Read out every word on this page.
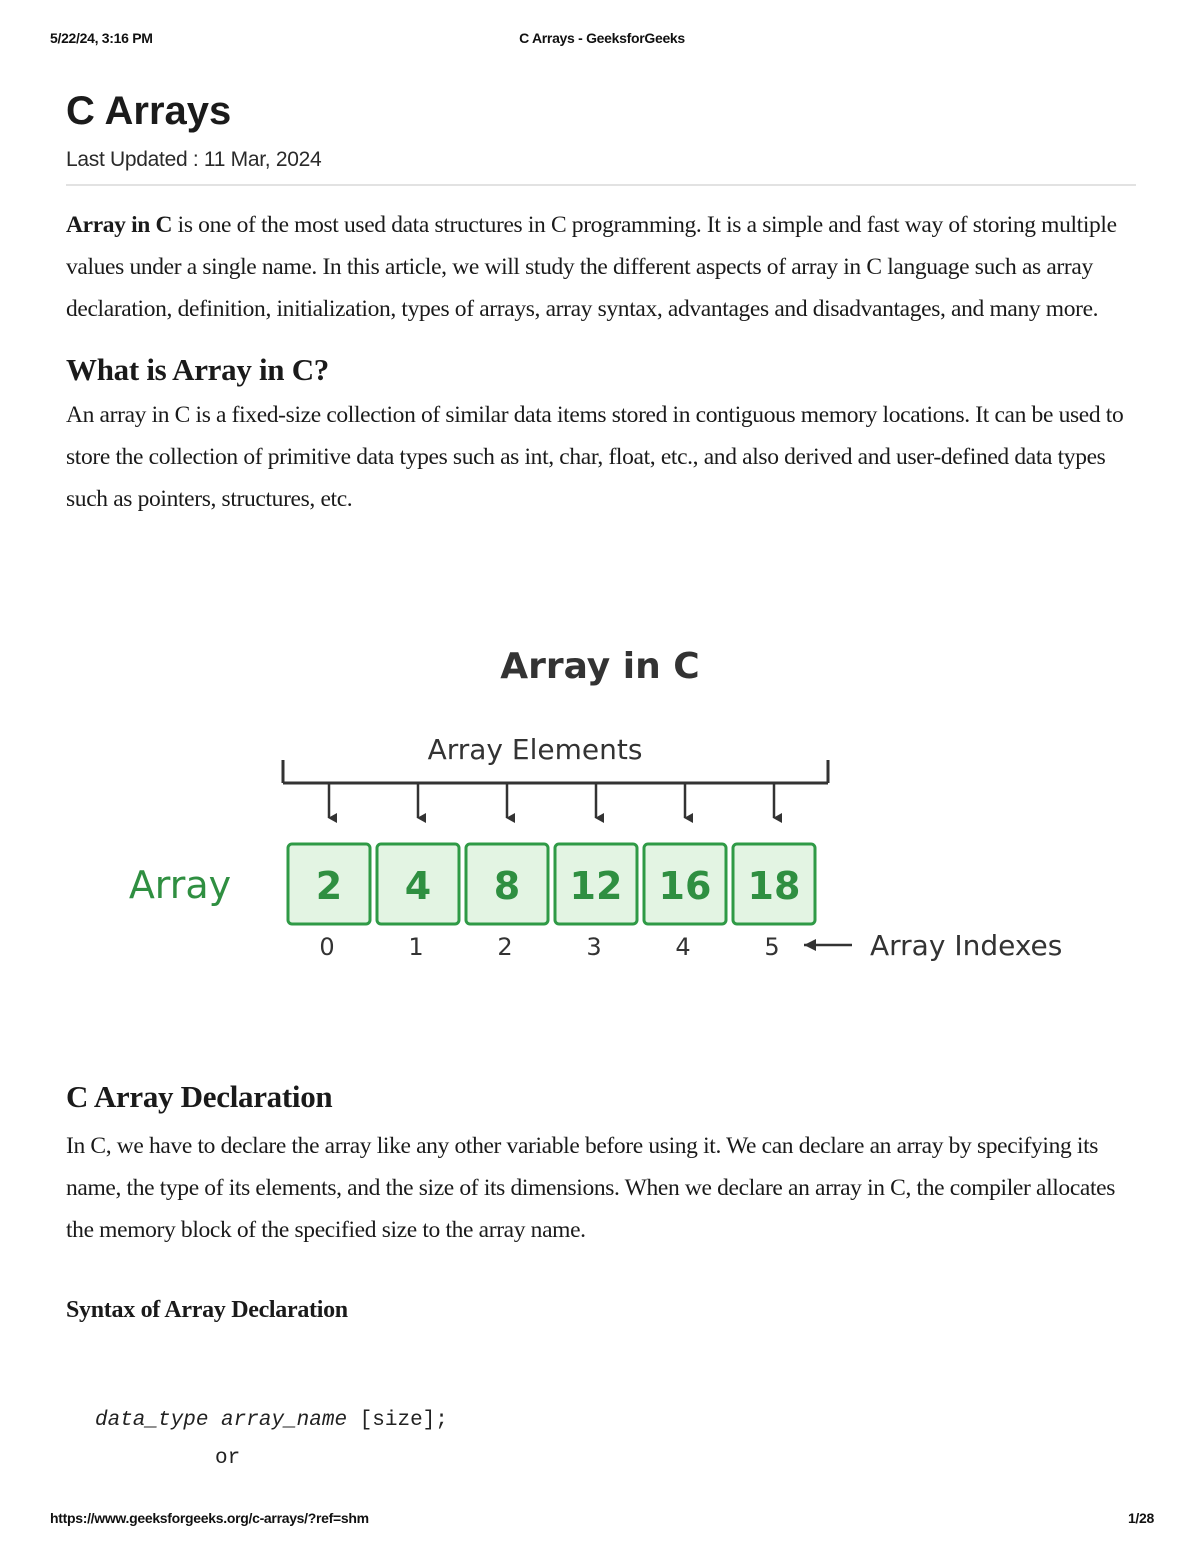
5/22/24, 3:16 PM	C Arrays - GeeksforGeeks
C Arrays
Last Updated : 11 Mar, 2024

Array in C is one of the most used data structures in C programming. It is a simple and fast way of storing multiple values under a single name. In this article, we will study the different aspects of array in C language such as array declaration, definition, initialization, types of arrays, array syntax, advantages and disadvantages, and many more.

What is Array in C?

An array in C is a fixed-size collection of similar data items stored in contiguous memory locations. It can be used to store the collection of primitive data types such as int, char, float, etc., and also derived and user-defined data types such as pointers, structures, etc.

Array in C
Array Elements
Array 2 4 8 12 16 18
0	1	2	3	4	5	Array Indexes
C Array Declaration

In C, we have to declare the array like any other variable before using it. We can declare an array by specifying its name, the type of its elements, and the size of its dimensions. When we declare an array in C, the compiler allocates the memory block of the specified size to the array name.

Syntax of Array Declaration
data_type array_name [size];

or
https://www.geeksforgeeks.org/c-arrays/?ref=shm	1/28
